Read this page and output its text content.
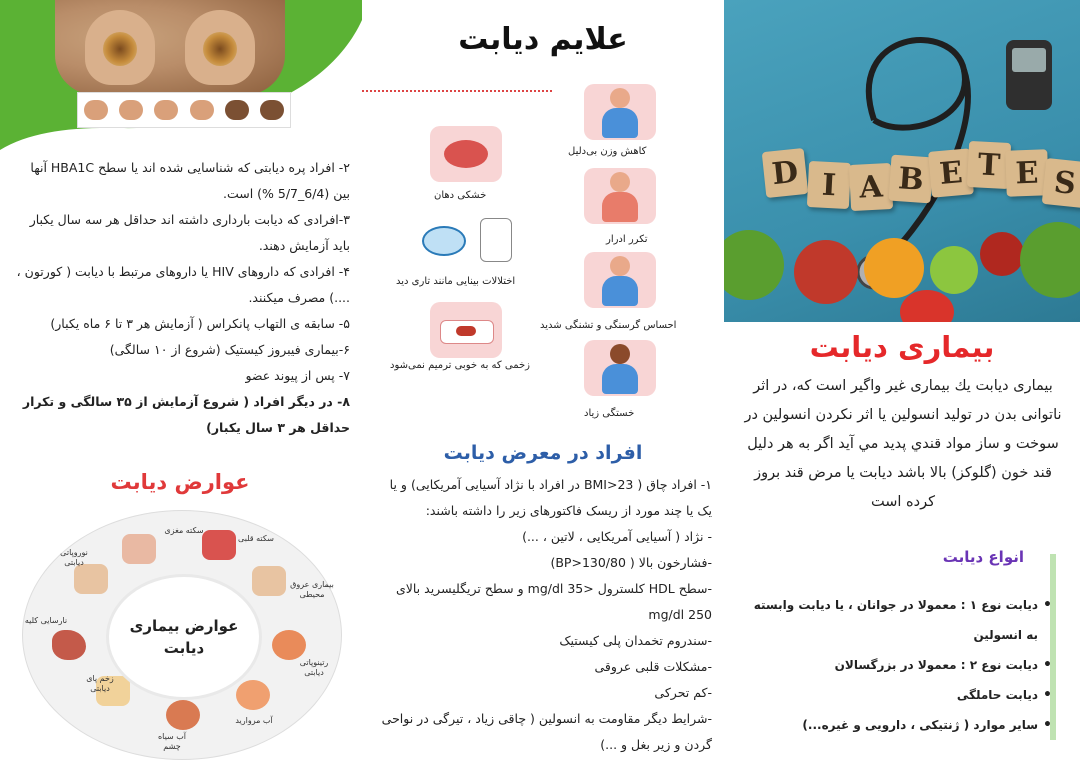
۲- افراد پره دیابتی که شناسایی شده اند یا سطح HBA1C آنها بین (6/4_5/7 %) است.

۳-افرادی که دیابت بارداری داشته اند حداقل هر سه سال یکبار باید آزمایش دهند.

۴- افرادی که داروهای HIV یا داروهای مرتبط با دیابت ( کورتون ، ....) مصرف میکنند.

۵- سابقه ی التهاب پانکراس ( آزمایش هر ۳ تا ۶ ماه یکبار)

۶-بیماری فیبروز کیستیک (شروع از ۱۰ سالگی)

۷- پس از پیوند عضو

۸- در دیگر افراد ( شروع آزمایش از ۳۵ سالگی و تکرار حداقل هر ۳ سال یکبار)

عوارض دیابت
سکته مغزی
سکته قلبی
بیماری عروق محیطی
رتینوپاتی دیابتی
آب مروارید
آب سیاه چشم
زخم پای دیابتی
نارسایی کلیه
نوروپاتی دیابتی
عوارض بیماری دیابت
علایم دیابت
کاهش وزن بی‌دلیل
تکرر ادرار
احساس گرسنگی و تشنگی شدید
خستگی زیاد
خشکی دهان
اختلالات بینایی مانند تاری دید
زخمی که به خوبی ترمیم نمی‌شود
افراد در معرض دیابت

۱- افراد چاق ( BMI>23 در افراد با نژاد آسیایی آمریکایی) و یا یک یا چند مورد از ریسک فاکتورهای زیر را داشته باشند:

- نژاد ( آسیایی آمریکایی ، لاتین ، ...)

-فشارخون بالا ( BP>130/80)

-سطح HDL کلسترول <35 mg/dl و سطح تریگلیسرید بالای 250 mg/dl

-سندروم تخمدان پلی کیستیک

-مشکلات قلبی عروقی

-کم تحرکی

-شرایط دیگر مقاومت به انسولین ( چاقی زیاد ، تیرگی در نواحی گردن و زیر بغل و ...)

D I A B E T E S
بیماری دیابت
بیماری دیابت یك بیماری غیر واگیر است كه، در اثر ناتوانی بدن در تولید انسولین یا اثر نكردن انسولین در سوخت و ساز مواد قندي پدید مي آید اگر به هر دلیل قند خون (گلوكز) بالا باشد دیابت یا مرض قند بروز كرده است
انواع دیابت
• دیابت نوع ۱ : معمولا در جوانان ، یا دیابت وابسته به انسولین
• دیابت نوع ۲ : معمولا در بزرگسالان
• دیابت حاملگی
• سایر موارد ( ژنتیکی ، دارویی و غیره...)
